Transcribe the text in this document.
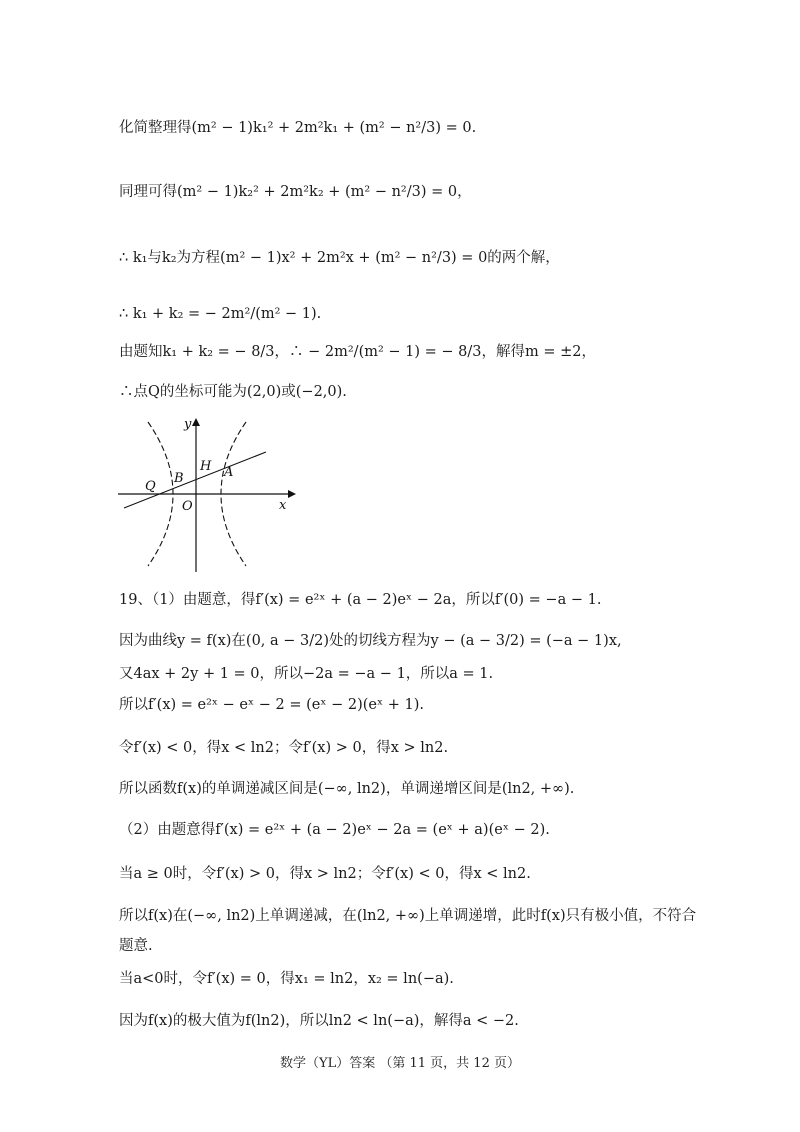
化简整理得(m² − 1)k₁² + 2m²k₁ + (m² − n²/3) = 0.
同理可得(m² − 1)k₂² + 2m²k₂ + (m² − n²/3) = 0，
∴ k₁与k₂为方程(m² − 1)x² + 2m²x + (m² − n²/3) = 0的两个解，
∴ k₁ + k₂ = − 2m²/(m² − 1).
由题知k₁ + k₂ = − 8/3，∴ − 2m²/(m² − 1) = − 8/3，解得m = ±2，
∴点Q的坐标可能为(2,0)或(−2,0).
y
x
O
Q
B
H A
19、（1）由题意，得f′(x) = e²ˣ + (a − 2)eˣ − 2a，所以f′(0) = −a − 1.
因为曲线y = f(x)在(0, a − 3/2)处的切线方程为y − (a − 3/2) = (−a − 1)x,
又4ax + 2y + 1 = 0，所以−2a = −a − 1，所以a = 1.
所以f′(x) = e²ˣ − eˣ − 2 = (eˣ − 2)(eˣ + 1).
令f′(x) < 0，得x < ln2；令f′(x) > 0，得x > ln2.
所以函数f(x)的单调递减区间是(−∞, ln2)，单调递增区间是(ln2, +∞).
（2）由题意得f′(x) = e²ˣ + (a − 2)eˣ − 2a = (eˣ + a)(eˣ − 2).
当a ≥ 0时，令f′(x) > 0，得x > ln2；令f′(x) < 0，得x < ln2.
所以f(x)在(−∞, ln2)上单调递减，在(ln2, +∞)上单调递增，此时f(x)只有极小值，不符合
题意.
当a<0时，令f′(x) = 0，得x₁ = ln2，x₂ = ln(−a).
因为f(x)的极大值为f(ln2)，所以ln2 < ln(−a)，解得a < −2.
数学（YL）答案 （第 11 页，共 12 页）
